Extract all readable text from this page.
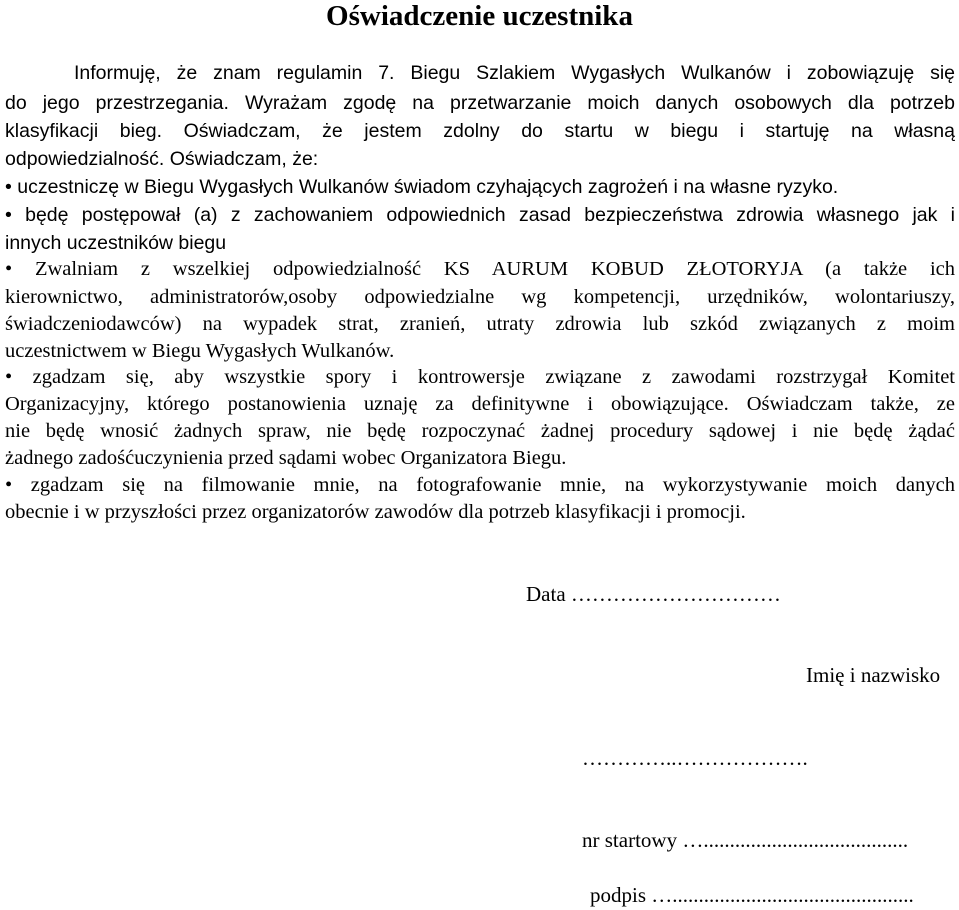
Oświadczenie uczestnika
Informuję, że znam regulamin 7. Biegu Szlakiem Wygasłych Wulkanów i zobowiązuję się
do jego przestrzegania. Wyrażam zgodę na przetwarzanie moich danych osobowych dla potrzeb
klasyfikacji bieg. Oświadczam, że jestem zdolny do startu w biegu i startuję na własną
odpowiedzialność. Oświadczam, że:
• uczestniczę w Biegu Wygasłych Wulkanów świadom czyhających zagrożeń i na własne ryzyko.
• będę postępował (a) z zachowaniem odpowiednich zasad bezpieczeństwa zdrowia własnego jak i
innych uczestników biegu
• Zwalniam z wszelkiej odpowiedzialność KS AURUM KOBUD ZŁOTORYJA (a także ich
kierownictwo, administratorów,osoby odpowiedzialne wg kompetencji, urzędników, wolontariuszy,
świadczeniodawców) na wypadek strat, zranień, utraty zdrowia lub szkód związanych z moim
uczestnictwem w Biegu Wygasłych Wulkanów.
• zgadzam się, aby wszystkie spory i kontrowersje związane z zawodami rozstrzygał Komitet
Organizacyjny, którego postanowienia uznaję za definitywne i obowiązujące. Oświadczam także, ze
nie będę wnosić żadnych spraw, nie będę rozpoczynać żadnej procedury sądowej i nie będę żądać
żadnego zadośćuczynienia przed sądami wobec Organizatora Biegu.
• zgadzam się na filmowanie mnie, na fotografowanie mnie, na wykorzystywanie moich danych
obecnie i w przyszłości przez organizatorów zawodów dla potrzeb klasyfikacji i promocji.
Data …………………………
Imię i nazwisko
…………..……………….
nr startowy ….......................................
podpis …..............................................
